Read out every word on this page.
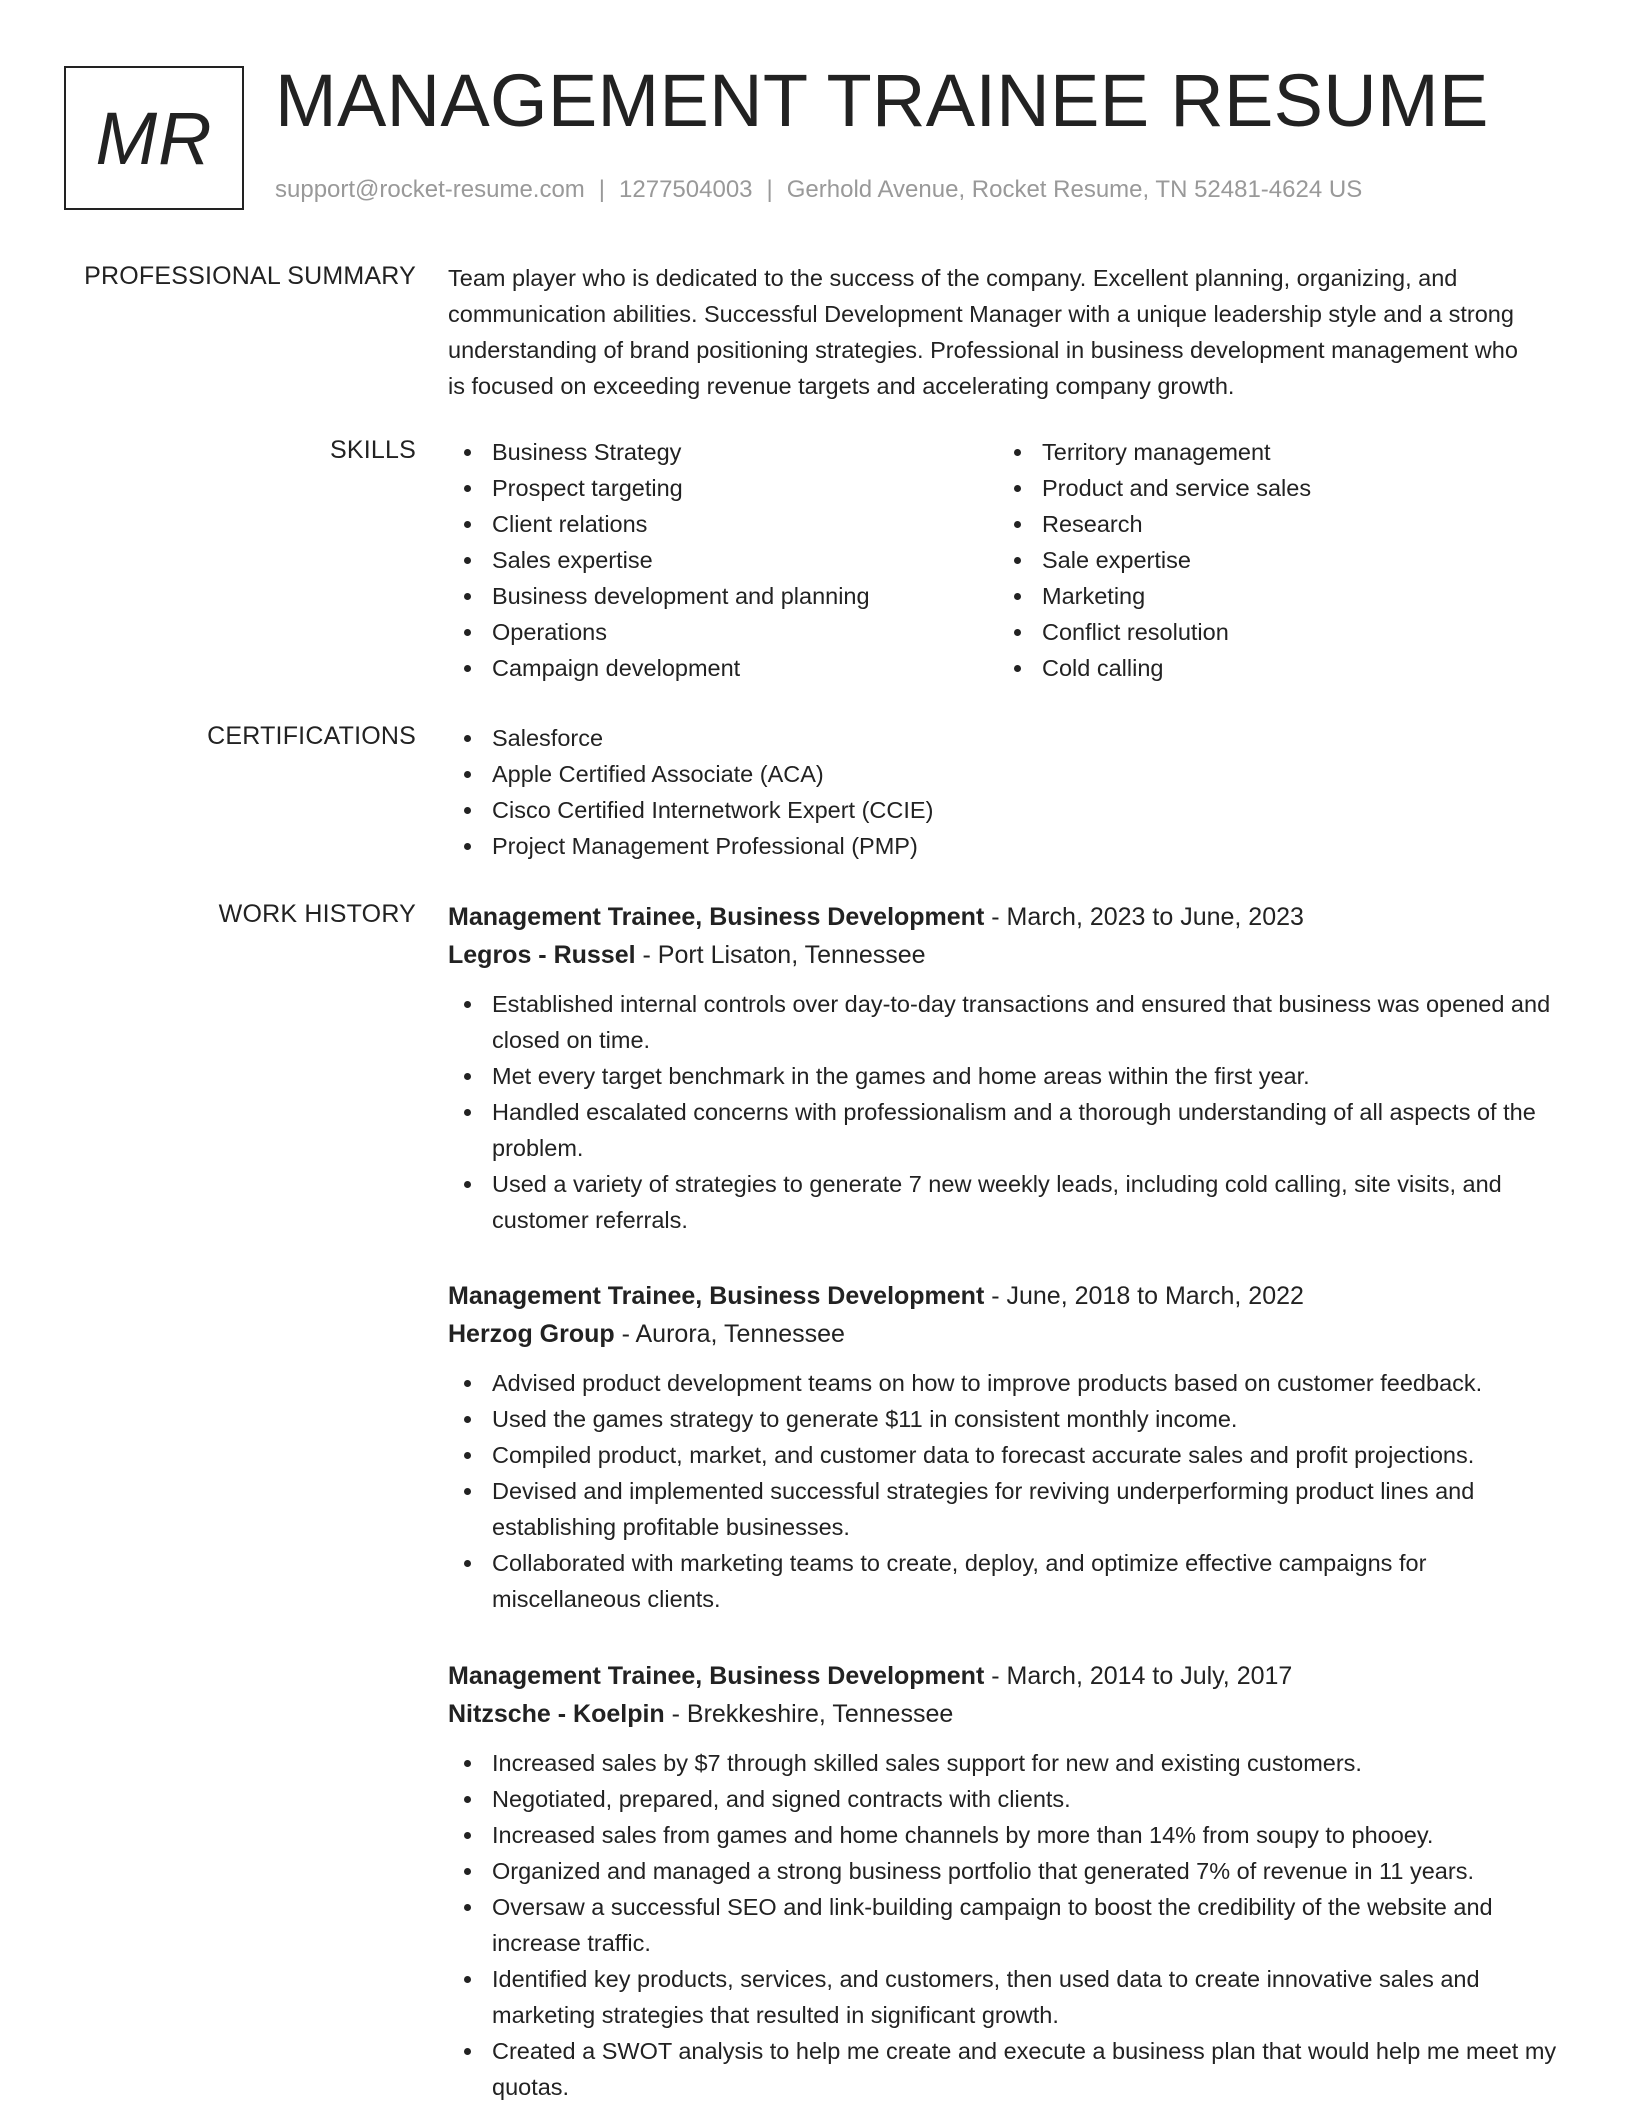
MR MANAGEMENT TRAINEE RESUME
support@rocket-resume.com | 1277504003 | Gerhold Avenue, Rocket Resume, TN 52481-4624 US
PROFESSIONAL SUMMARY Team player who is dedicated to the success of the company. Excellent planning, organizing, and communication abilities. Successful Development Manager with a unique leadership style and a strong understanding of brand positioning strategies. Professional in business development management who is focused on exceeding revenue targets and accelerating company growth.
SKILLS	Business Strategy
Prospect targeting
Client relations
Sales expertise
Business development and planning
Operations
Campaign development
Territory management
Product and service sales
Research
Sale expertise
Marketing
Conflict resolution
Cold calling
CERTIFICATIONS	Salesforce
Apple Certified Associate (ACA)
Cisco Certified Internetwork Expert (CCIE)
Project Management Professional (PMP)
WORK HISTORY Management Trainee, Business Development - March, 2023 to June, 2023
Legros - Russel - Port Lisaton, Tennessee
Established internal controls over day-to-day transactions and ensured that business was opened and closed on time.
Met every target benchmark in the games and home areas within the first year.
Handled escalated concerns with professionalism and a thorough understanding of all aspects of the problem.
Used a variety of strategies to generate 7 new weekly leads, including cold calling, site visits, and customer referrals.
Management Trainee, Business Development - June, 2018 to March, 2022
Herzog Group - Aurora, Tennessee
Advised product development teams on how to improve products based on customer feedback.
Used the games strategy to generate $11 in consistent monthly income.
Compiled product, market, and customer data to forecast accurate sales and profit projections.
Devised and implemented successful strategies for reviving underperforming product lines and establishing profitable businesses.
Collaborated with marketing teams to create, deploy, and optimize effective campaigns for miscellaneous clients.
Management Trainee, Business Development - March, 2014 to July, 2017
Nitzsche - Koelpin - Brekkeshire, Tennessee
Increased sales by $7 through skilled sales support for new and existing customers.
Negotiated, prepared, and signed contracts with clients.
Increased sales from games and home channels by more than 14% from soupy to phooey.
Organized and managed a strong business portfolio that generated 7% of revenue in 11 years.
Oversaw a successful SEO and link-building campaign to boost the credibility of the website and increase traffic.
Identified key products, services, and customers, then used data to create innovative sales and marketing strategies that resulted in significant growth.
Created a SWOT analysis to help me create and execute a business plan that would help me meet my quotas.
